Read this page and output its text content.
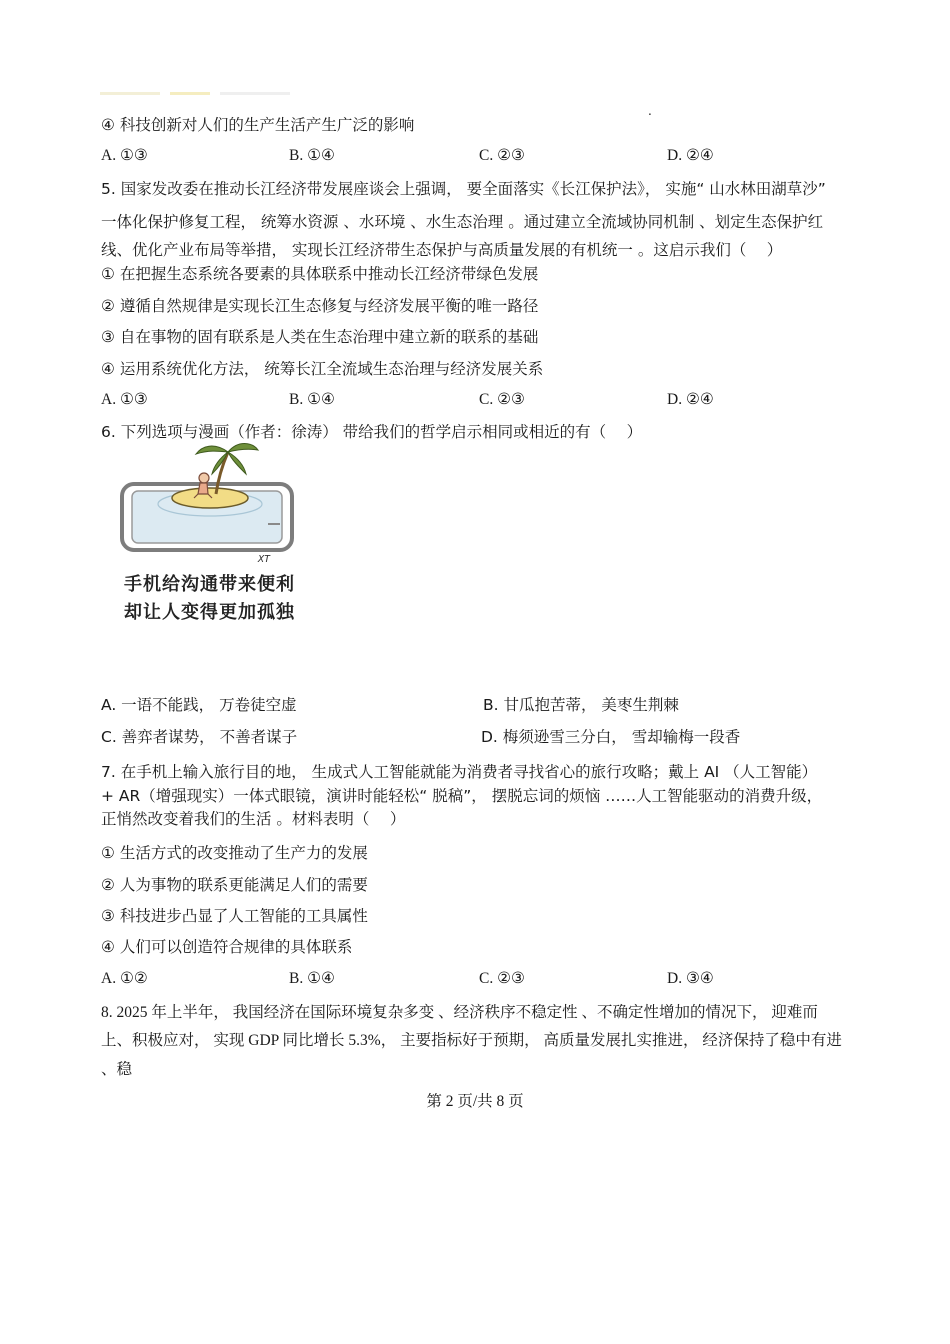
.
④ 科技创新对人们的生产生活产生广泛的影响
A. ①③	B. ①④	C. ②③	D. ②④
5. 国家发改委在推动长江经济带发展座谈会上强调， 要全面落实《长江保护法》， 实施“ 山水林田湖草沙”
一体化保护修复工程， 统筹水资源 、水环境 、水生态治理 。通过建立全流域协同机制 、划定生态保护红
线、优化产业布局等举措， 实现长江经济带生态保护与高质量发展的有机统一 。这启示我们（　 ）
① 在把握生态系统各要素的具体联系中推动长江经济带绿色发展
② 遵循自然规律是实现长江生态修复与经济发展平衡的唯一路径
③ 自在事物的固有联系是人类在生态治理中建立新的联系的基础
④ 运用系统优化方法， 统筹长江全流域生态治理与经济发展关系
A. ①③	B. ①④	C. ②③	D. ②④
6. 下列选项与漫画（作者：徐涛） 带给我们的哲学启示相同或相近的有（　 ）
XT
手机给沟通带来便利
却让人变得更加孤独
A. 一语不能践， 万卷徒空虚	B. 甘瓜抱苦蒂， 美枣生荆棘
C. 善弈者谋势， 不善者谋子	D. 梅须逊雪三分白， 雪却输梅一段香
7. 在手机上输入旅行目的地， 生成式人工智能就能为消费者寻找省心的旅行攻略；戴上 AI （人工智能）
+ AR（增强现实）一体式眼镜，演讲时能轻松“ 脱稿”， 摆脱忘词的烦恼 ……人工智能驱动的消费升级，
正悄然改变着我们的生活 。材料表明（　 ）
① 生活方式的改变推动了生产力的发展
② 人为事物的联系更能满足人们的需要
③ 科技进步凸显了人工智能的工具属性
④ 人们可以创造符合规律的具体联系
A. ①②	B. ①④	C. ②③	D. ③④
8. 2025 年上半年， 我国经济在国际环境复杂多变 、经济秩序不稳定性 、不确定性增加的情况下， 迎难而
上、积极应对， 实现 GDP 同比增长 5.3%， 主要指标好于预期， 高质量发展扎实推进， 经济保持了稳中有进
、稳
第 2 页/共 8 页
